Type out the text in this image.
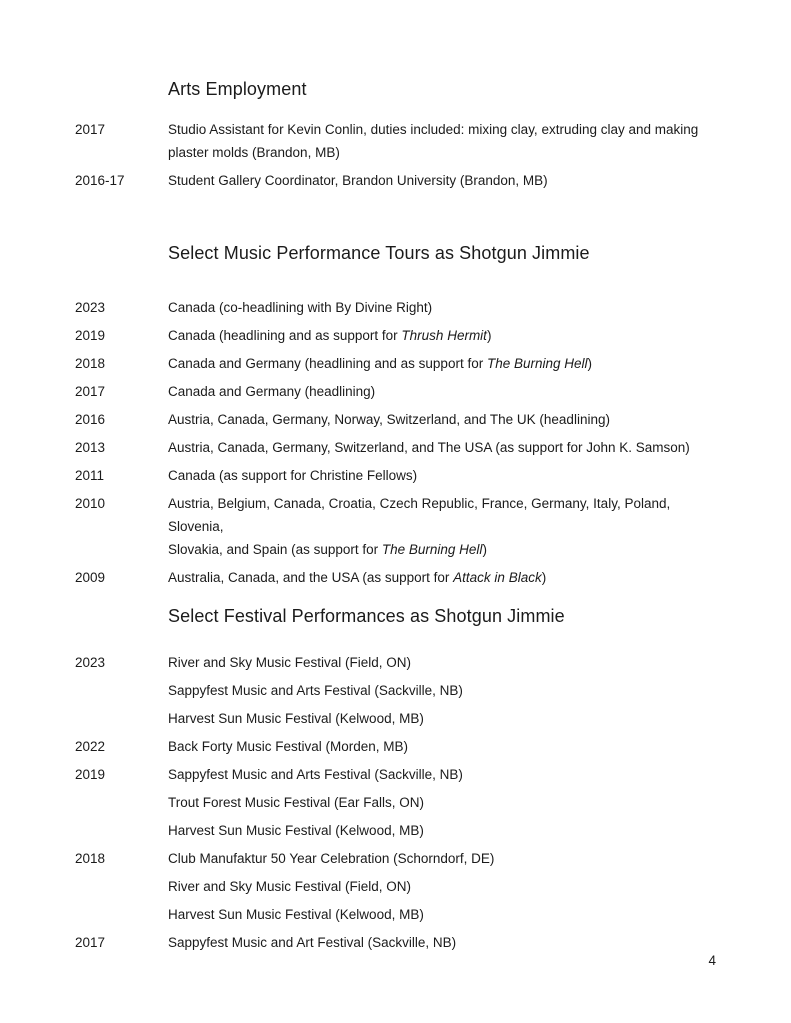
Arts Employment
2017	Studio Assistant for Kevin Conlin, duties included: mixing clay, extruding clay and making
plaster molds (Brandon, MB)
2016-17	Student Gallery Coordinator, Brandon University (Brandon, MB)
Select Music Performance Tours as Shotgun Jimmie
2023	Canada (co-headlining with By Divine Right)
2019	Canada (headlining and as support for Thrush Hermit)
2018	Canada and Germany (headlining and as support for The Burning Hell)
2017	Canada and Germany (headlining)
2016	Austria, Canada, Germany, Norway, Switzerland, and The UK (headlining)
2013	Austria, Canada, Germany, Switzerland, and The USA (as support for John K. Samson)
2011	Canada (as support for Christine Fellows)
2010	Austria, Belgium, Canada, Croatia, Czech Republic, France, Germany, Italy, Poland, Slovenia,
Slovakia, and Spain (as support for The Burning Hell)
2009	Australia, Canada, and the USA (as support for Attack in Black)
Select Festival Performances as Shotgun Jimmie
2023	River and Sky Music Festival (Field, ON)
Sappyfest Music and Arts Festival (Sackville, NB)
Harvest Sun Music Festival (Kelwood, MB)
2022	Back Forty Music Festival (Morden, MB)
2019	Sappyfest Music and Arts Festival (Sackville, NB)
Trout Forest Music Festival (Ear Falls, ON)
Harvest Sun Music Festival (Kelwood, MB)
2018	Club Manufaktur 50 Year Celebration (Schorndorf, DE)
River and Sky Music Festival (Field, ON)
Harvest Sun Music Festival (Kelwood, MB)
2017	Sappyfest Music and Art Festival (Sackville, NB)
4
